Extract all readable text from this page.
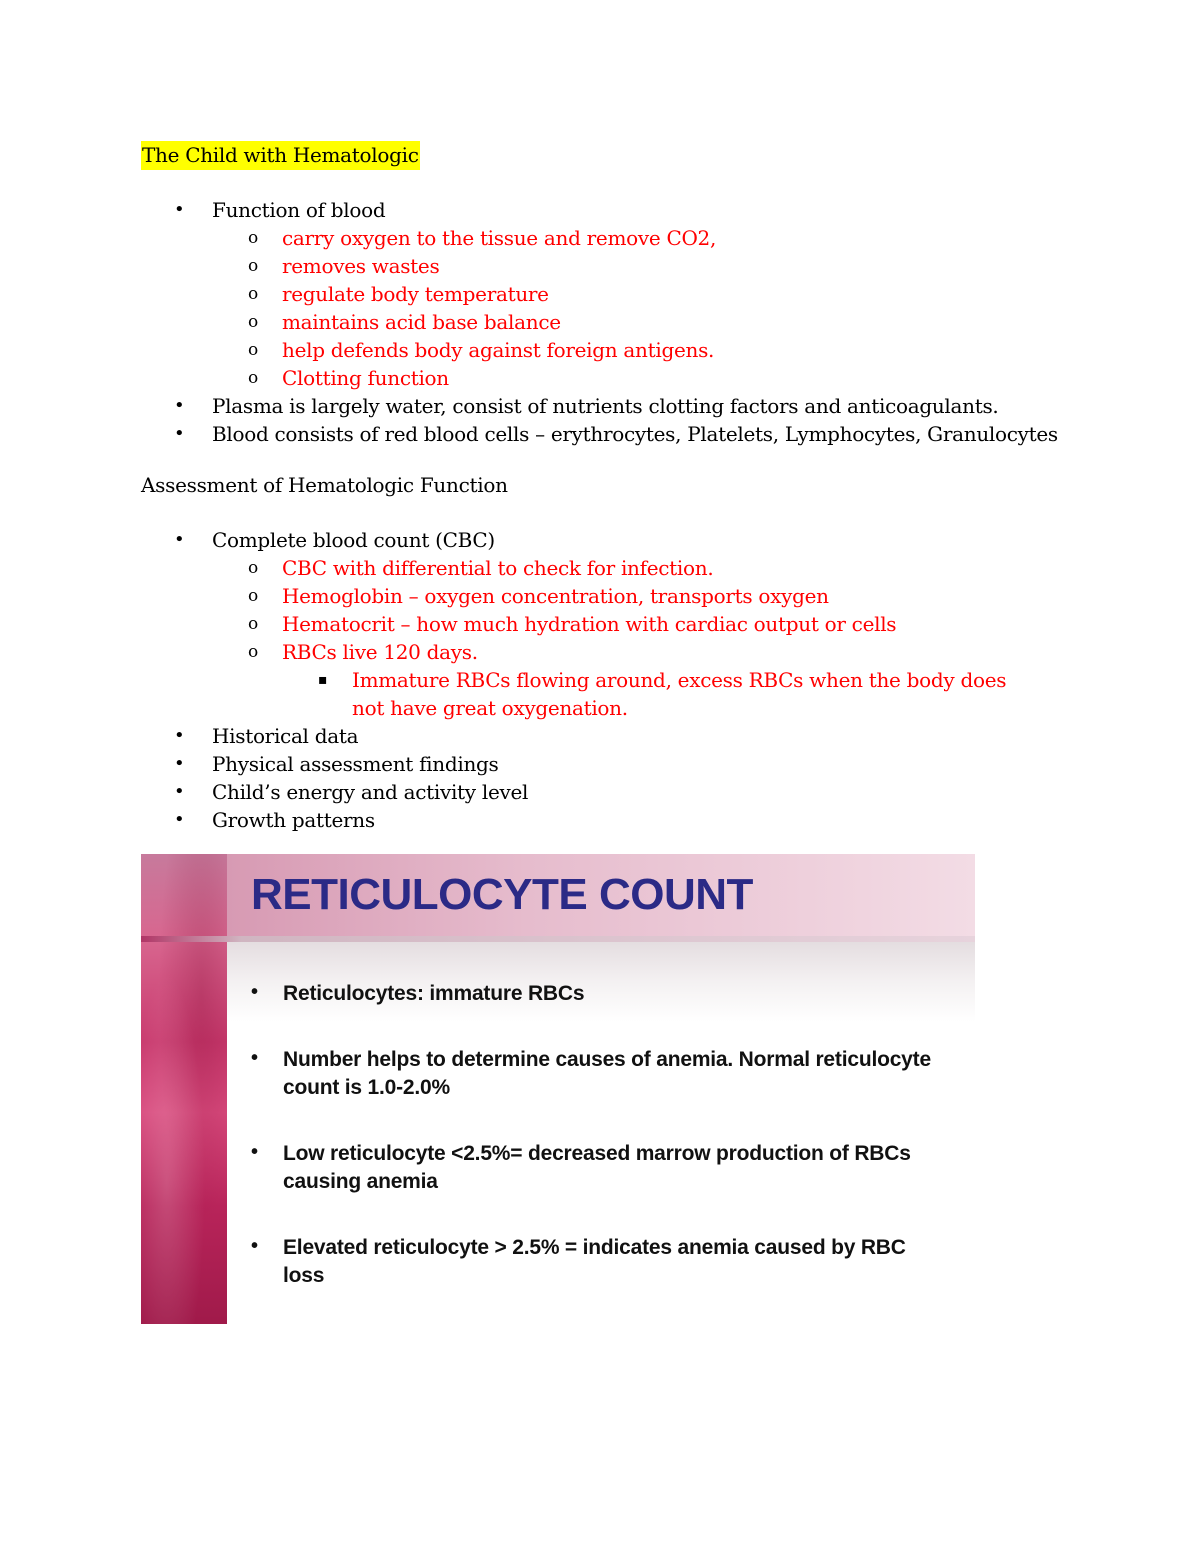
The Child with Hematologic
• Function of blood
o carry oxygen to the tissue and remove CO2,
o removes wastes
o regulate body temperature
o maintains acid base balance
o help defends body against foreign antigens.
o Clotting function
• Plasma is largely water, consist of nutrients clotting factors and anticoagulants.
• Blood consists of red blood cells – erythrocytes, Platelets, Lymphocytes, Granulocytes
Assessment of Hematologic Function
• Complete blood count (CBC)
o CBC with differential to check for infection.
o Hemoglobin – oxygen concentration, transports oxygen
o Hematocrit – how much hydration with cardiac output or cells
o RBCs live 120 days.
▪ Immature RBCs flowing around, excess RBCs when the body does not have great oxygenation.
• Historical data
• Physical assessment findings
• Child’s energy and activity level
• Growth patterns
RETICULOCYTE COUNT
• Reticulocytes: immature RBCs
• Number helps to determine causes of anemia. Normal reticulocyte count is 1.0-2.0%
• Low reticulocyte <2.5%= decreased marrow production of RBCs causing anemia
• Elevated reticulocyte > 2.5% = indicates anemia caused by RBC loss
